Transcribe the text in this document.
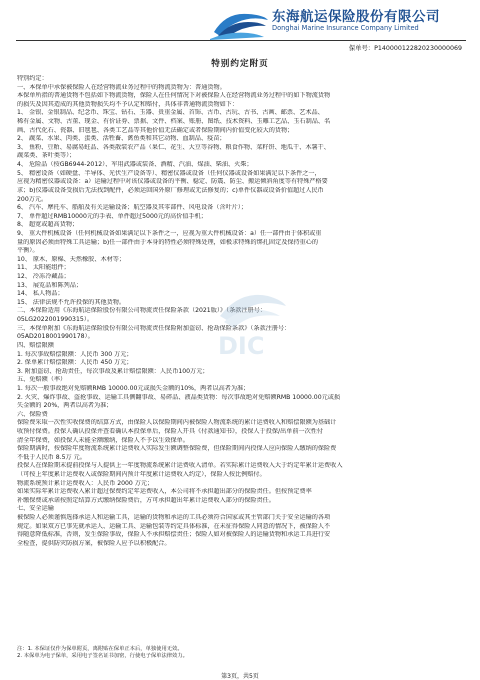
东海航运保险股份有限公司
Donghai Marine Insurance Company Limited
保单号：P140000122820230000069
特别约定附页
特别约定：
一、本保单中承保被保险人在经营物流业务过程中的物流货物为：普通货物。
本保单所指的普通货物不包括如下物流货物，保险人在任何情况下对被保险人在经营物流业务过程中的如下物流货物
的损失及因其造成的其他货物损失均不予认定和赔付，具体非普通物流货物如下：
1、 金银、金银制品、纪念币、珠宝、钻石、玉器、贵重金属、首饰、古币、古玩、古书、古画、邮票、艺术品、
稀有金属、文物、古董、现金、有价证券、票据、文件、档案、账册、图纸、技术资料、玉雕工艺品、玉石制品、名
画、古代化石、瓷器、旧毯毯、各类工艺品等其他价值无法确定或者保险期间内价值变化较大的货物；
2、 蔬菜、水果、肉类、蛋类、活牲畜、禽鱼类和其它动物、血制品、疫苗；
3、 鱼粉、豆粕、易腐易蛀品、各类散装农产品（果仁、花生、大豆等谷物、粮食作物、菜籽饼、地瓜干、木薯干、
蔬菜类、茶叶类等）；
4、 危险品（按GB6944-2012）、军用武器或装备、酒精、汽油、煤油、柴油、火柴；
5、 精密设备（如硬盘、半导体、光伏生产设备等）、精密仪器或设备（任何仪器或设备如果满足以下条件之一，
应视为精密仪器或设备：a）运输过程中对该仪器或设备的平衡、稳定、防震、防尘、搬运倾斜角度等有特殊严格要
求；b)仪器或设备受损后无法找到配件，必须运回国外原厂修理或无法修复的；c)单件仪器或设备价值超过人民币
200万元。
6、 汽车、摩托车、船舶及有关运输设备；航空器及其零部件、风电设备（含叶片）；
7、 单件超过RMB10000元的手表、单件超过5000元的高价值手机；
8、 超宽或超高货物；
9、 重大件机械设备（任何机械设备如果满足以下条件之一，应视为重大件机械设备：a）任一部件由于体积或重
量的原因必须由特殊工具运输；b)任一部件由于本身的特性必须特殊处理，如极求特殊的绑扎固定及保持重心的
平衡）。
10、 原木、原棉、天然橡胶、木材等；
11、 太阳能组件；
12、 冷冻冷藏品；
13、 展览品和陈列品；
14、 私人物品；
15、 法律法规不允许投保的其他货物。
二、本保险适用《东海航运保险股份有限公司物流责任保险条款（2021版）》（条款注册号：
05LG2022001990315）。
三、本保单附加《东海航运保险股份有限公司物流责任保险附加盗窃、抢劫保险条款》（条款注册号：
05AD2018001990178）。
四、赔偿限额
1. 每次事故赔偿限额：人民币 300 万元；
2. 保单累计赔偿限额：人民币 450 万元；
3. 附加盗窃、抢劫责任，每次事故及累计赔偿限额：人民币100万元；
五、免赔额（率）
1. 每次一般事故绝对免赔额RMB 10000.00元或损失金额的10%，两者以高者为准；
2. 火灾、爆炸事故、盗抢事故、运输工具侧翻事故、易碎品、液晶类货物：每次事故绝对免赔额RMB 10000.00元或损
失金额的 20%，两者以高者为准；
六、保险费
保险费采取一次性实收保费的结算方式，由保险人以保险期间内被保险人物流系统的累计运费收入和赔偿限额为基础计
收预付保费。投保人确认投保并查看确认本投保单后，保险人开具《付款通知书》，投保人于投保/出单前一次性付
清全年保费，如投保人未能全额缴纳，保险人不予以生效保单。
保险期满时，按保险年度物流系统累计运费收入实际发生额调整保险费，但保险期间内投保人应向保险人缴纳的保险费
不低于人民币 8.5万 元。
投保人在保险期末提前投保与人提供上一年度物流系统累计运费收入清单。若实际累计运费收入大于约定年累计运费收入
（可按上年度累计运费收入或保险期间内预计年度累计运费收入约定），保险人按比例赔付。
物流系统预计累计运费收入：人民币 2000 万元；
如果实际年累计运费收入累计超过保费约定年运费收入，本公司将不承担超出部分的保险责任。但按预定费率
补缴保费或承诺按照定结算方式缴纳保险费后，方可承担超出年累计运费收入部分的保险责任。
七、安全运输
被保险人必须谨慎选择承运人和运输工具，运输的货物和承运的工具必须符合国家或其主管部门关于安全运输的各项
规定。如果双方已事先就承运人、运输工具、运输包装等约定具体标准，在未征得保险人同意的情况下，被保险人不
得随意降低标准，否则，发生保险事故，保险人不承担赔偿责任；保险人如对被保险人的运输货物和承运工具进行安
全检查，提供防灾防损方案，被保险人应予以积极配合。
DIC
注：1. 本保证仅作为保单附页，离附贴在保单正本后，单独使用无效。
2. 本保单为电子保单，采用电子签名证书加密，行使电子保单法律效力。
第3页，共5页
